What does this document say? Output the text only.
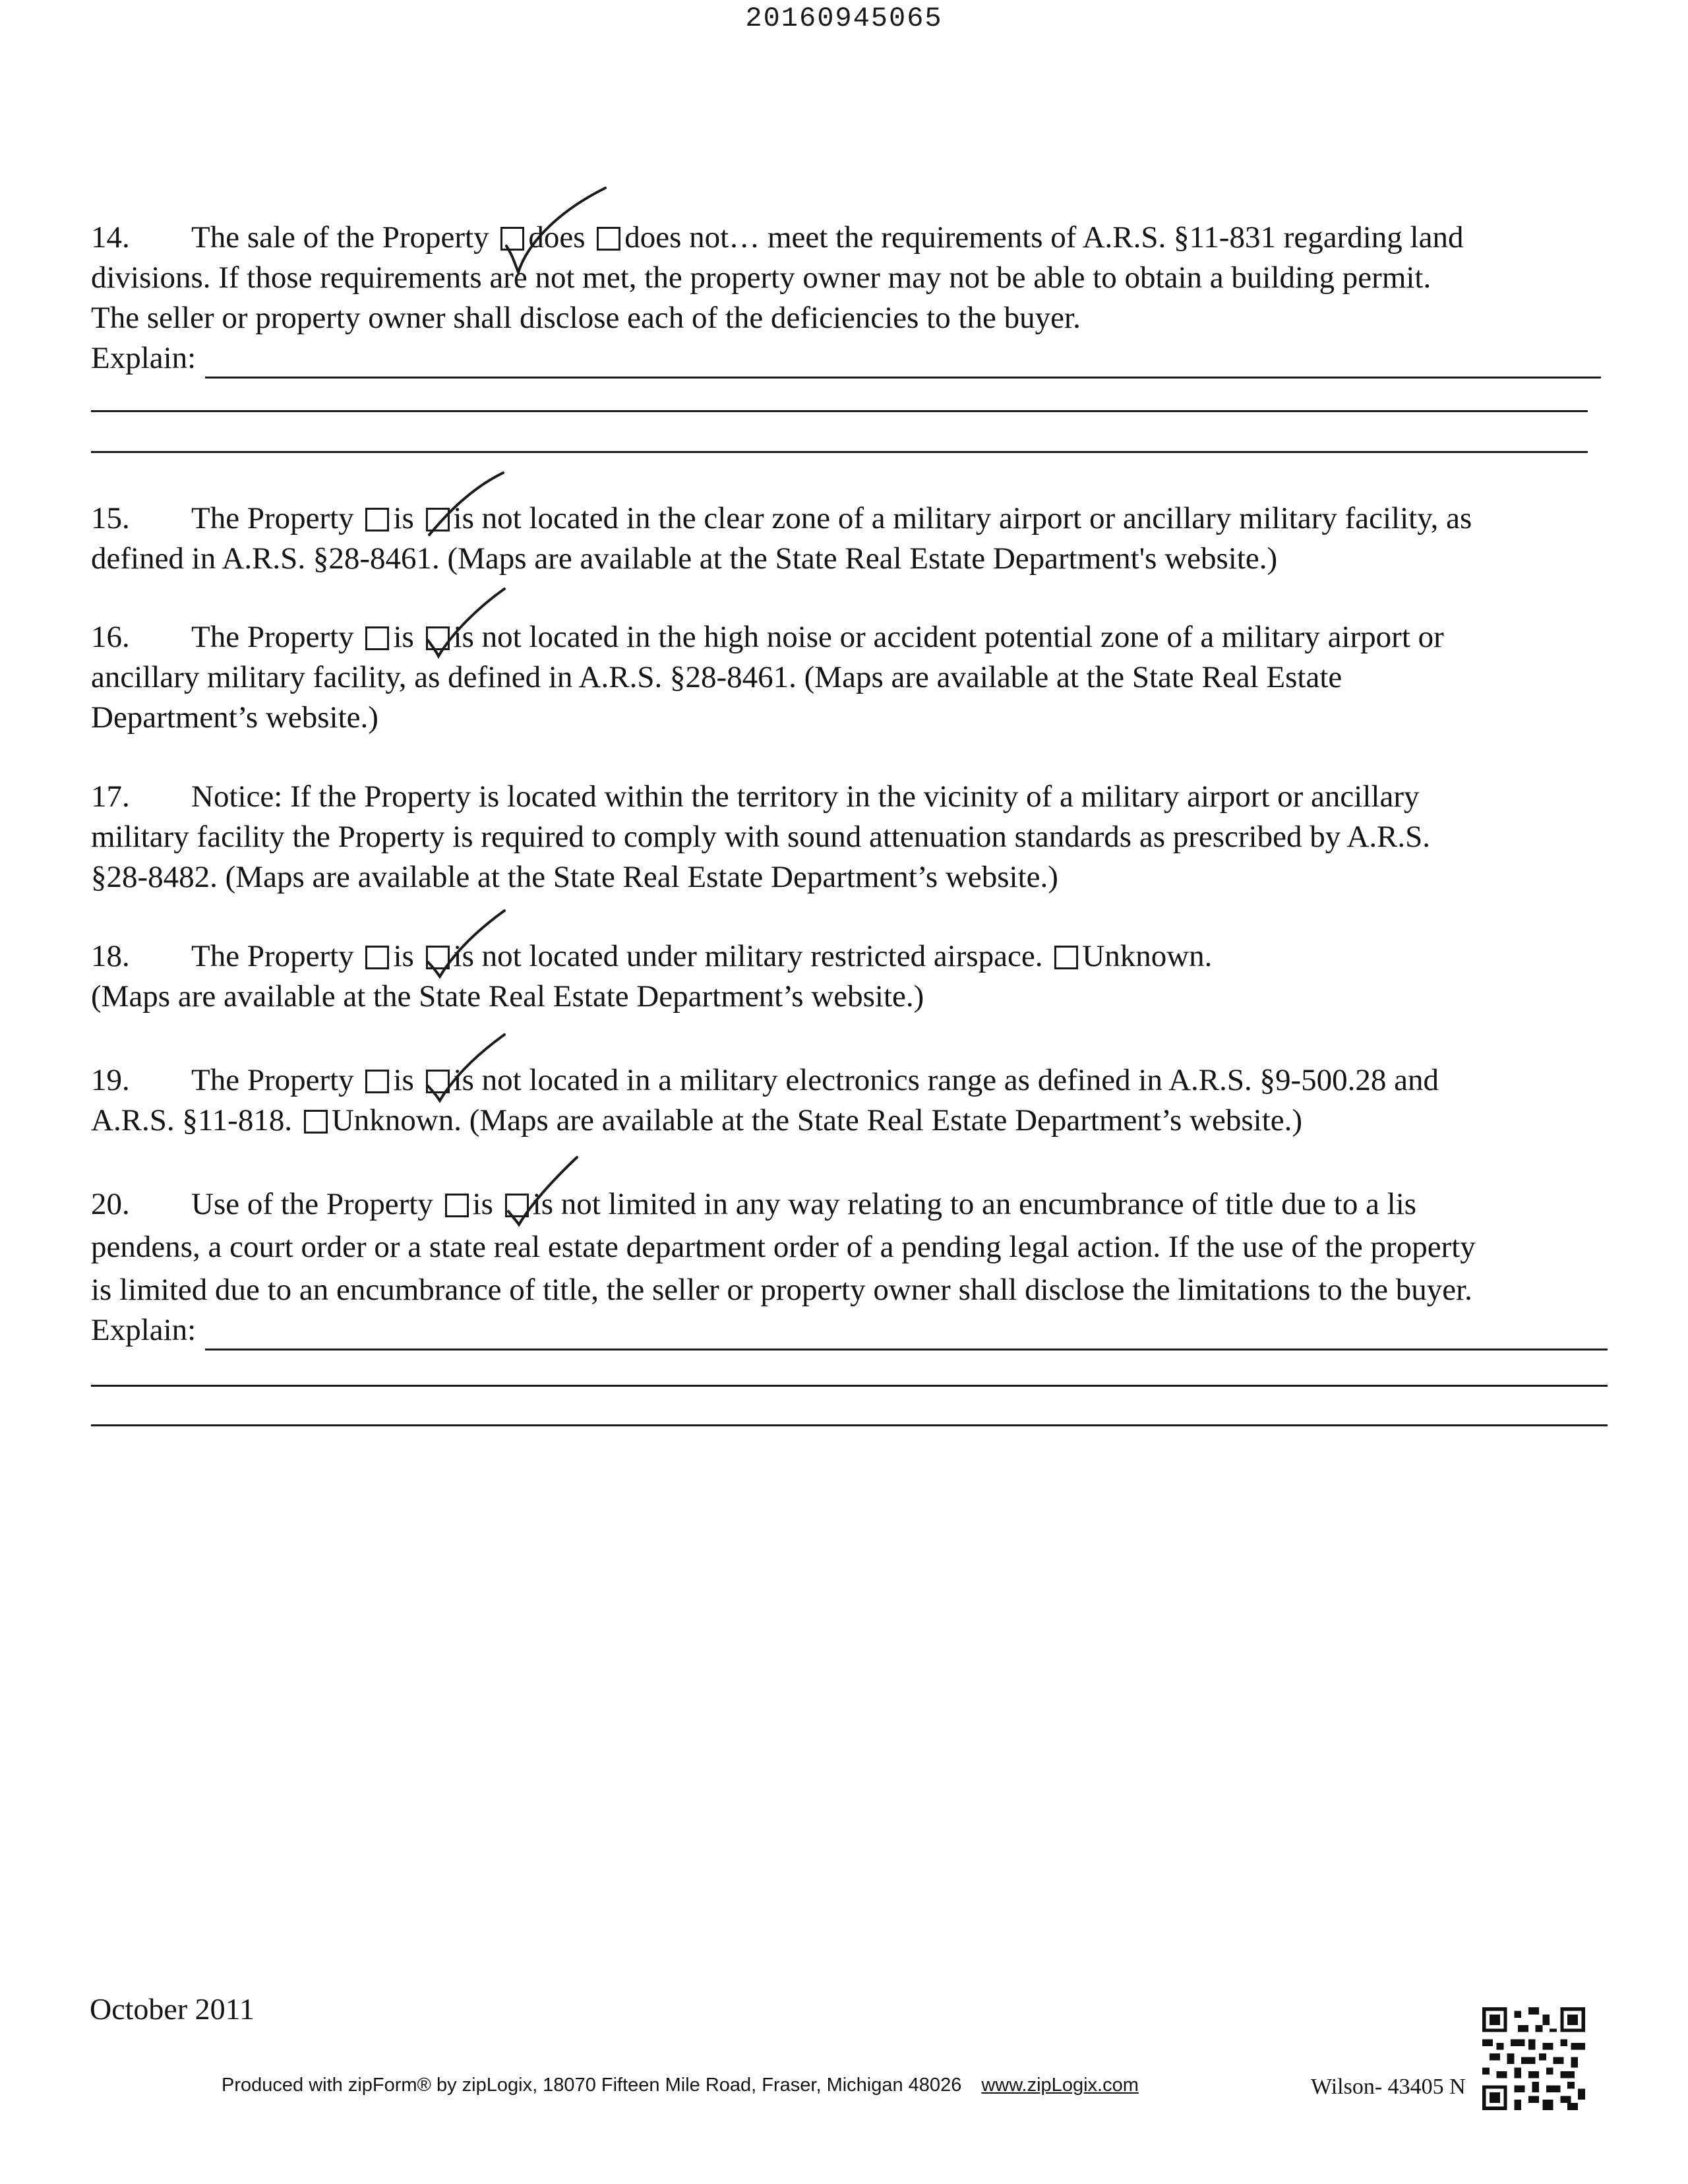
20160945065
14. The sale of the Property does does not… meet the requirements of A.R.S. §11-831 regarding land
divisions. If those requirements are not met, the property owner may not be able to obtain a building permit.
The seller or property owner shall disclose each of the deficiencies to the buyer.
Explain:
15. The Property is is not located in the clear zone of a military airport or ancillary military facility, as
defined in A.R.S. §28-8461. (Maps are available at the State Real Estate Department's website.)
16. The Property is is not located in the high noise or accident potential zone of a military airport or
ancillary military facility, as defined in A.R.S. §28-8461. (Maps are available at the State Real Estate
Department’s website.)
17. Notice: If the Property is located within the territory in the vicinity of a military airport or ancillary
military facility the Property is required to comply with sound attenuation standards as prescribed by A.R.S.
§28-8482. (Maps are available at the State Real Estate Department’s website.)
18. The Property is is not located under military restricted airspace. Unknown.
(Maps are available at the State Real Estate Department’s website.)
19. The Property is is not located in a military electronics range as defined in A.R.S. §9-500.28 and
A.R.S. §11-818. Unknown. (Maps are available at the State Real Estate Department’s website.)
20. Use of the Property is is not limited in any way relating to an encumbrance of title due to a lis
pendens, a court order or a state real estate department order of a pending legal action. If the use of the property
is limited due to an encumbrance of title, the seller or property owner shall disclose the limitations to the buyer.
Explain:
October 2011
Produced with zipForm® by zipLogix, 18070 Fifteen Mile Road, Fraser, Michigan 48026 www.zipLogix.com	Wilson- 43405 N
